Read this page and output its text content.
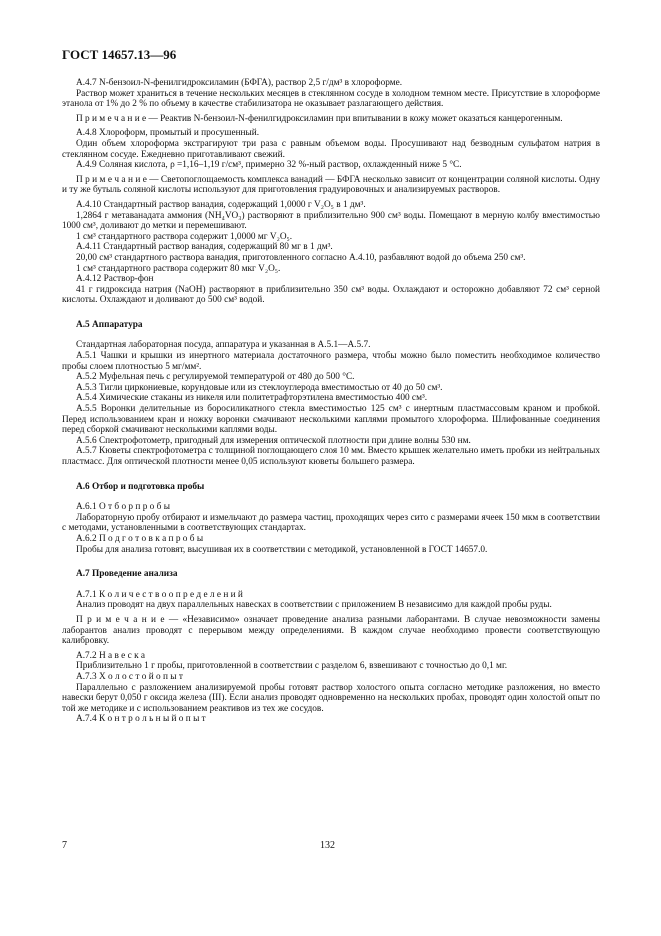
ГОСТ 14657.13—96

А.4.7 N-бензоил-N-фенилгидроксиламин (БФГА), раствор 2,5 г/дм³ в хлороформе.

Раствор может храниться в течение нескольких месяцев в стеклянном сосуде в холодном темном месте. Присутствие в хлороформе этанола от 1% до 2 % по объему в качестве стабилизатора не оказывает разлагающего действия.

П р и м е ч а н и е — Реактив N-бензоил-N-фенилгидроксиламин при впитывании в кожу может оказаться канцерогенным.

А.4.8 Хлороформ, промытый и просушенный.

Один объем хлороформа экстрагируют три раза с равным объемом воды. Просушивают над безводным сульфатом натрия в стеклянном сосуде. Ежедневно приготавливают свежий.

А.4.9 Соляная кислота, ρ =1,16–1,19 г/см³, примерно 32 %-ный раствор, охлажденный ниже 5 °С.

П р и м е ч а н и е — Светопоглощаемость комплекса ванадий — БФГА несколько зависит от концентрации соляной кислоты. Одну и ту же бутыль соляной кислоты используют для приготовления градуировочных и анализируемых растворов.

А.4.10 Стандартный раствор ванадия, содержащий 1,0000 г V₂O₅ в 1 дм³.

1,2864 г метаванадата аммония (NH₄VO₃) растворяют в приблизительно 900 см³ воды. Помещают в мерную колбу вместимостью 1000 см³, доливают до метки и перемешивают.

1 см³ стандартного раствора содержит 1,0000 мг V₂O₅.

А.4.11 Стандартный раствор ванадия, содержащий 80 мг в 1 дм³.

20,00 см³ стандартного раствора ванадия, приготовленного согласно А.4.10, разбавляют водой до объема 250 см³.

1 см³ стандартного раствора содержит 80 мкг V₂O₅.

А.4.12 Раствор-фон

41 г гидроксида натрия (NaOH) растворяют в приблизительно 350 см³ воды. Охлаждают и осторожно добавляют 72 см³ серной кислоты. Охлаждают и доливают до 500 см³ водой.

А.5 Аппаратура

Стандартная лабораторная посуда, аппаратура и указанная в А.5.1—А.5.7.

А.5.1 Чашки и крышки из инертного материала достаточного размера, чтобы можно было поместить необходимое количество пробы слоем плотностью 5 мг/мм².

А.5.2 Муфельная печь с регулируемой температурой от 480 до 500 °С.

А.5.3 Тигли циркониевые, корундовые или из стеклоуглерода вместимостью от 40 до 50 см³.

А.5.4 Химические стаканы из никеля или политетрафторэтилена вместимостью 400 см³.

А.5.5 Воронки делительные из боросиликатного стекла вместимостью 125 см³ с инертным пластмассовым краном и пробкой. Перед использованием кран и ножку воронки смачивают несколькими каплями промытого хлороформа. Шлифованные соединения перед сборкой смачивают несколькими каплями воды.

А.5.6 Спектрофотометр, пригодный для измерения оптической плотности при длине волны 530 нм.

А.5.7 Кюветы спектрофотометра с толщиной поглощающего слоя 10 мм. Вместо крышек желательно иметь пробки из нейтральных пластмасс. Для оптической плотности менее 0,05 используют кюветы большего размера.

А.6 Отбор и подготовка пробы

А.6.1 О т б о р п р о б ы

Лабораторную пробу отбирают и измельчают до размера частиц, проходящих через сито с размерами ячеек 150 мкм в соответствии с методами, установленными в соответствующих стандартах.

А.6.2 П о д г о т о в к а п р о б ы

Пробы для анализа готовят, высушивая их в соответствии с методикой, установленной в ГОСТ 14657.0.

А.7 Проведение анализа

А.7.1 К о л и ч е с т в о о п р е д е л е н и й

Анализ проводят на двух параллельных навесках в соответствии с приложением В независимо для каждой пробы руды.

П р и м е ч а н и е — «Независимо» означает проведение анализа разными лаборантами. В случае невозможности замены лаборантов анализ проводят с перерывом между определениями. В каждом случае необходимо провести соответствующую калибровку.

А.7.2 Н а в е с к а

Приблизительно 1 г пробы, приготовленной в соответствии с разделом 6, взвешивают с точностью до 0,1 мг.

А.7.3 Х о л о с т о й о п ы т

Параллельно с разложением анализируемой пробы готовят раствор холостого опыта согласно методике разложения, но вместо навески берут 0,050 г оксида железа (III). Если анализ проводят одновременно на нескольких пробах, проводят один холостой опыт по той же методике и с использованием реактивов из тех же сосудов.

А.7.4 К о н т р о л ь н ы й о п ы т

7	132
